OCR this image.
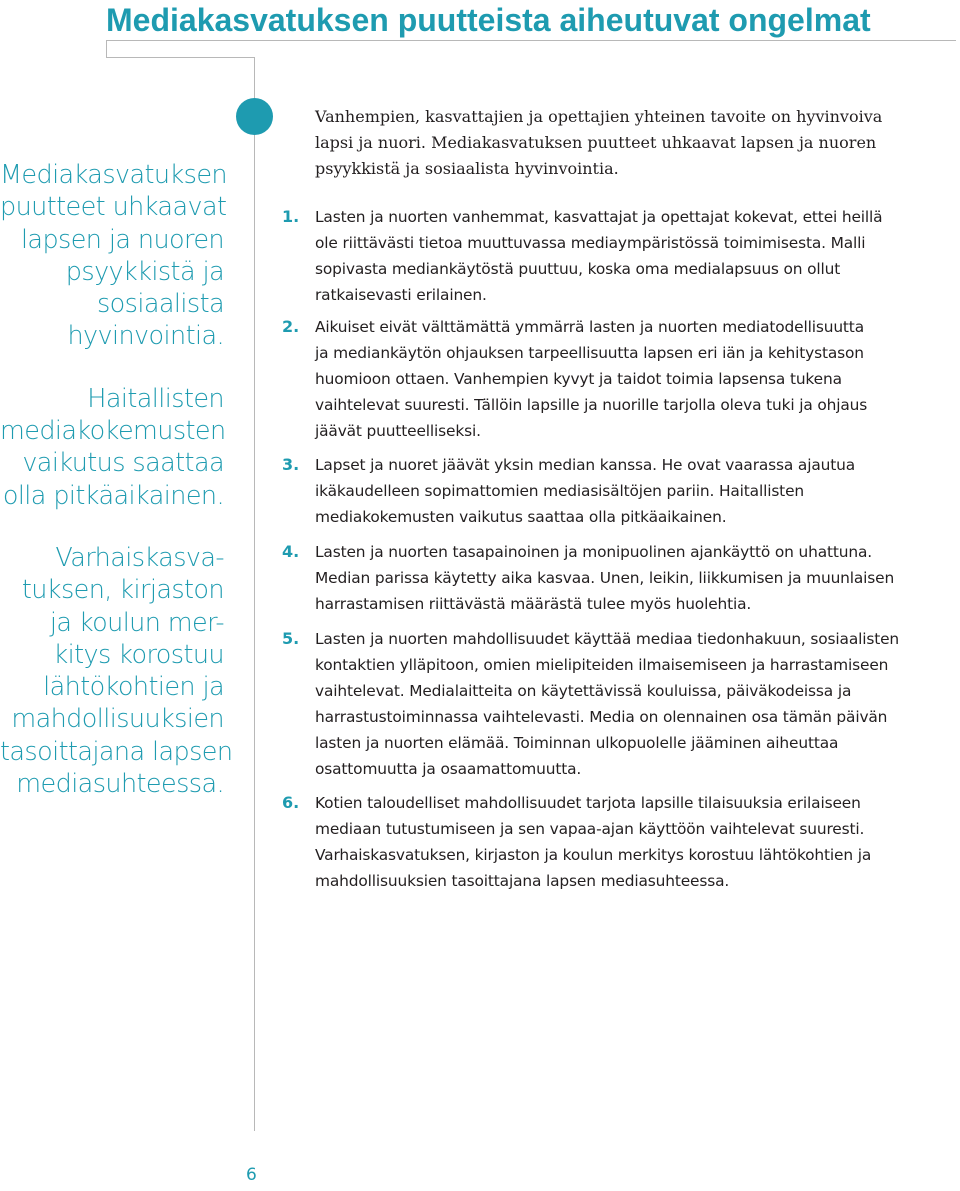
Mediakasvatuksen puutteista aiheutuvat ongelmat

Mediakasvatuksen
puutteet uhkaavat
lapsen ja nuoren
psyykkistä ja
sosiaalista
hyvinvointia.

Haitallisten
mediakokemusten
vaikutus saattaa
olla pitkäaikainen.

Varhaiskasva-
tuksen, kirjaston
ja koulun mer-
kitys korostuu
lähtökohtien ja
mahdollisuuksien
tasoittajana lapsen
mediasuhteessa.

Vanhempien, kasvattajien ja opettajien yhteinen tavoite on hyvinvoiva
lapsi ja nuori. Mediakasvatuksen puutteet uhkaavat lapsen ja nuoren
psyykkistä ja sosiaalista hyvinvointia.

1.	Lasten ja nuorten vanhemmat, kasvattajat ja opettajat kokevat, ettei heillä
ole riittävästi tietoa muuttuvassa mediaympäristössä toimimisesta. Malli
sopivasta mediankäytöstä puuttuu, koska oma medialapsuus on ollut
ratkaisevasti erilainen.
2.	Aikuiset eivät välttämättä ymmärrä lasten ja nuorten mediatodellisuutta
ja mediankäytön ohjauksen tarpeellisuutta lapsen eri iän ja kehitystason
huomioon ottaen. Vanhempien kyvyt ja taidot toimia lapsensa tukena
vaihtelevat suuresti. Tällöin lapsille ja nuorille tarjolla oleva tuki ja ohjaus
jäävät puutteelliseksi.
3.	Lapset ja nuoret jäävät yksin median kanssa. He ovat vaarassa ajautua
ikäkaudelleen sopimattomien mediasisältöjen pariin. Haitallisten
mediakokemusten vaikutus saattaa olla pitkäaikainen.
4.	Lasten ja nuorten tasapainoinen ja monipuolinen ajankäyttö on uhattuna.
Median parissa käytetty aika kasvaa. Unen, leikin, liikkumisen ja muunlaisen
harrastamisen riittävästä määrästä tulee myös huolehtia.
5.	Lasten ja nuorten mahdollisuudet käyttää mediaa tiedonhakuun, sosiaalisten
kontaktien ylläpitoon, omien mielipiteiden ilmaisemiseen ja harrastamiseen
vaihtelevat. Medialaitteita on käytettävissä kouluissa, päiväkodeissa ja
harrastustoiminnassa vaihtelevasti. Media on olennainen osa tämän päivän
lasten ja nuorten elämää. Toiminnan ulkopuolelle jääminen aiheuttaa
osattomuutta ja osaamattomuutta.
6.	Kotien taloudelliset mahdollisuudet tarjota lapsille tilaisuuksia erilaiseen
mediaan tutustumiseen ja sen vapaa-ajan käyttöön vaihtelevat suuresti.
Varhaiskasvatuksen, kirjaston ja koulun merkitys korostuu lähtökohtien ja
mahdollisuuksien tasoittajana lapsen mediasuhteessa.
6
